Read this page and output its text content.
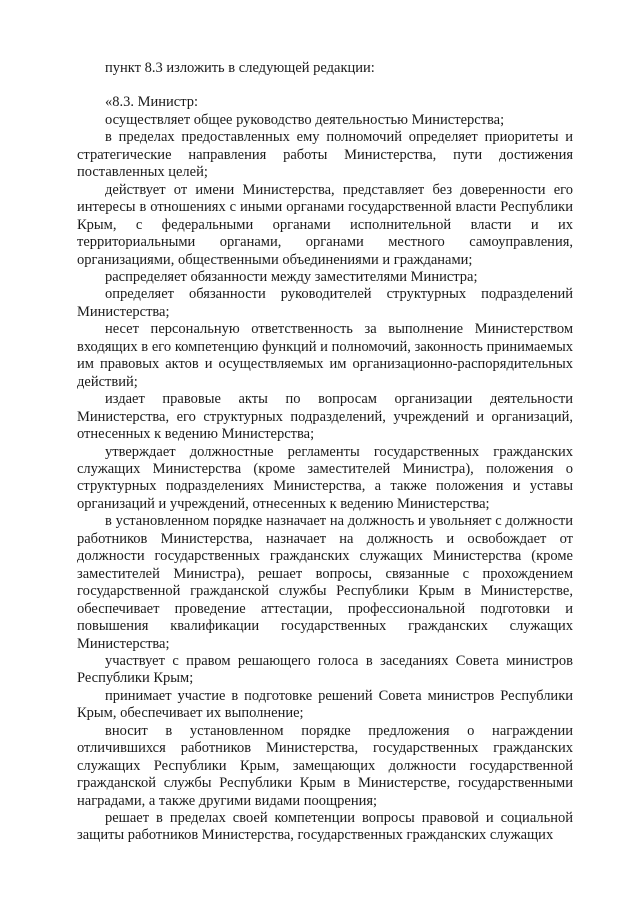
пункт 8.3 изложить в следующей редакции:

«8.3. Министр:

осуществляет общее руководство деятельностью Министерства;

в пределах предоставленных ему полномочий определяет приоритеты и стратегические направления работы Министерства, пути достижения поставленных целей;

действует от имени Министерства, представляет без доверенности его интересы в отношениях с иными органами государственной власти Республики Крым, с федеральными органами исполнительной власти и их территориальными органами, органами местного самоуправления, организациями, общественными объединениями и гражданами;

распределяет обязанности между заместителями Министра;

определяет обязанности руководителей структурных подразделений Министерства;

несет персональную ответственность за выполнение Министерством входящих в его компетенцию функций и полномочий, законность принимаемых им правовых актов и осуществляемых им организационно-распорядительных действий;

издает правовые акты по вопросам организации деятельности Министерства, его структурных подразделений, учреждений и организаций, отнесенных к ведению Министерства;

утверждает должностные регламенты государственных гражданских служащих Министерства (кроме заместителей Министра), положения о структурных подразделениях Министерства, а также положения и уставы организаций и учреждений, отнесенных к ведению Министерства;

в установленном порядке назначает на должность и увольняет с должности работников Министерства, назначает на должность и освобождает от должности государственных гражданских служащих Министерства (кроме заместителей Министра), решает вопросы, связанные с прохождением государственной гражданской службы Республики Крым в Министерстве, обеспечивает проведение аттестации, профессиональной подготовки и повышения квалификации государственных гражданских служащих Министерства;

участвует с правом решающего голоса в заседаниях Совета министров Республики Крым;

принимает участие в подготовке решений Совета министров Республики Крым, обеспечивает их выполнение;

вносит в установленном порядке предложения о награждении отличившихся работников Министерства, государственных гражданских служащих Республики Крым, замещающих должности государственной гражданской службы Республики Крым в Министерстве, государственными наградами, а также другими видами поощрения;

решает в пределах своей компетенции вопросы правовой и социальной защиты работников Министерства, государственных гражданских служащих
